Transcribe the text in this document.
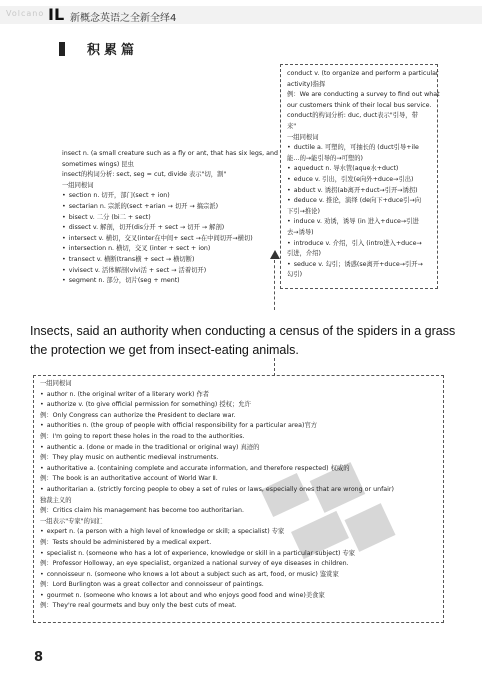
Volcano IL 新概念英语之全新全绎4
积累篇
conduct v. (to organize and perform a particular
activity)指挥
例：We are conducting a survey to find out what
our customers think of their local bus service.
conduct的构词分析: duc, duct表示"引导，带
来"
一组同根词
• ductile a. 可塑的，可抽长的 (duct引导+ile
能…的→能引导的→可塑的)
• aqueduct n. 导水管(aque水+duct)
• educe v. 引出，引发(e向外+duce→引出)
• abduct v. 诱拐(ab离开+duct→引开→诱拐)
• deduce v. 推论，演绎 (de向下+duce引→向
下引→推论)
• induce v. 劝诱，诱导 (in 进入+duce→引进
去→诱导)
• introduce v. 介绍，引入 (intro进入+duce→
引进，介绍)
• seduce v. 勾引；诱惑(se离开+duce→引开→
勾引)
insect n. (a small creature such as a fly or ant, that has six legs, and
sometimes wings) 昆虫
insect的构词分析: sect, seg = cut, divide 表示"切，割"
一组同根词
• section n. 切开，部门(sect + ion)
• sectarian n. 宗派的(sect +arian → 切开 → 搞宗派)
• bisect v. 二分 (bi二 + sect)
• dissect v. 解剖，切开(dis分开 + sect → 切开 → 解剖)
• intersect v. 横切，交叉(inter在中间+ sect →在中间切开→横切)
• intersection n. 横切，交叉 (inter + sect + ion)
• transect v. 横断(trans横 + sect → 横切断)
• vivisect v. 活体解剖(vivi活 + sect → 活着切开)
• segment n. 部分，切片(seg + ment)
Insects, said an authority when conducting a census of the spiders in a grass the protection we get from insect-eating animals.
一组同根词
• author n. (the original writer of a literary work) 作者
• authorize v. (to give official permission for something) 授权；允许
例：Only Congress can authorize the President to declare war.
• authorities n. (the group of people with official responsibility for a particular area)官方
例：I'm going to report these holes in the road to the authorities.
• authentic a. (done or made in the traditional or original way) 真迹的
例：They play music on authentic medieval instruments.
• authoritative a. (containing complete and accurate information, and therefore respected) 权威的
例：The book is an authoritative account of World War Ⅱ.
• authoritarian a. (strictly forcing people to obey a set of rules or laws, especially ones that are wrong or unfair)
独裁主义的
例：Critics claim his management has become too authoritarian.
一组表示"专家"的词汇
• expert n. (a person with a high level of knowledge or skill; a specialist) 专家
例：Tests should be administered by a medical expert.
• specialist n. (someone who has a lot of experience, knowledge or skill in a particular subject) 专家
例：Professor Holloway, an eye specialist, organized a national survey of eye diseases in children.
• connoisseur n. (someone who knows a lot about a subject such as art, food, or music) 鉴赏家
例：Lord Burlington was a great collector and connoisseur of paintings.
• gourmet n. (someone who knows a lot about and who enjoys good food and wine)美食家
例：They're real gourmets and buy only the best cuts of meat.
8
